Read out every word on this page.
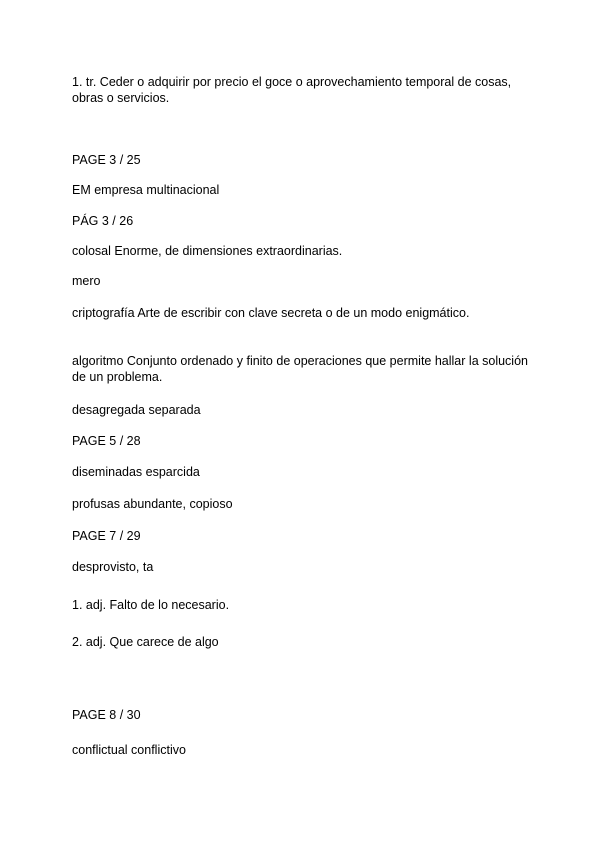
1. tr. Ceder o adquirir por precio el goce o aprovechamiento temporal de cosas, obras o servicios.

PAGE 3 / 25

EM empresa multinacional

PÁG 3 / 26

colosal Enorme, de dimensiones extraordinarias.

mero

criptografía Arte de escribir con clave secreta o de un modo enigmático.

algoritmo Conjunto ordenado y finito de operaciones que permite hallar la solución de un problema.

desagregada separada

PAGE 5 / 28

diseminadas esparcida

profusas abundante, copioso

PAGE 7 / 29

desprovisto, ta

1. adj. Falto de lo necesario.

2. adj. Que carece de algo

PAGE 8 / 30

conflictual conflictivo
